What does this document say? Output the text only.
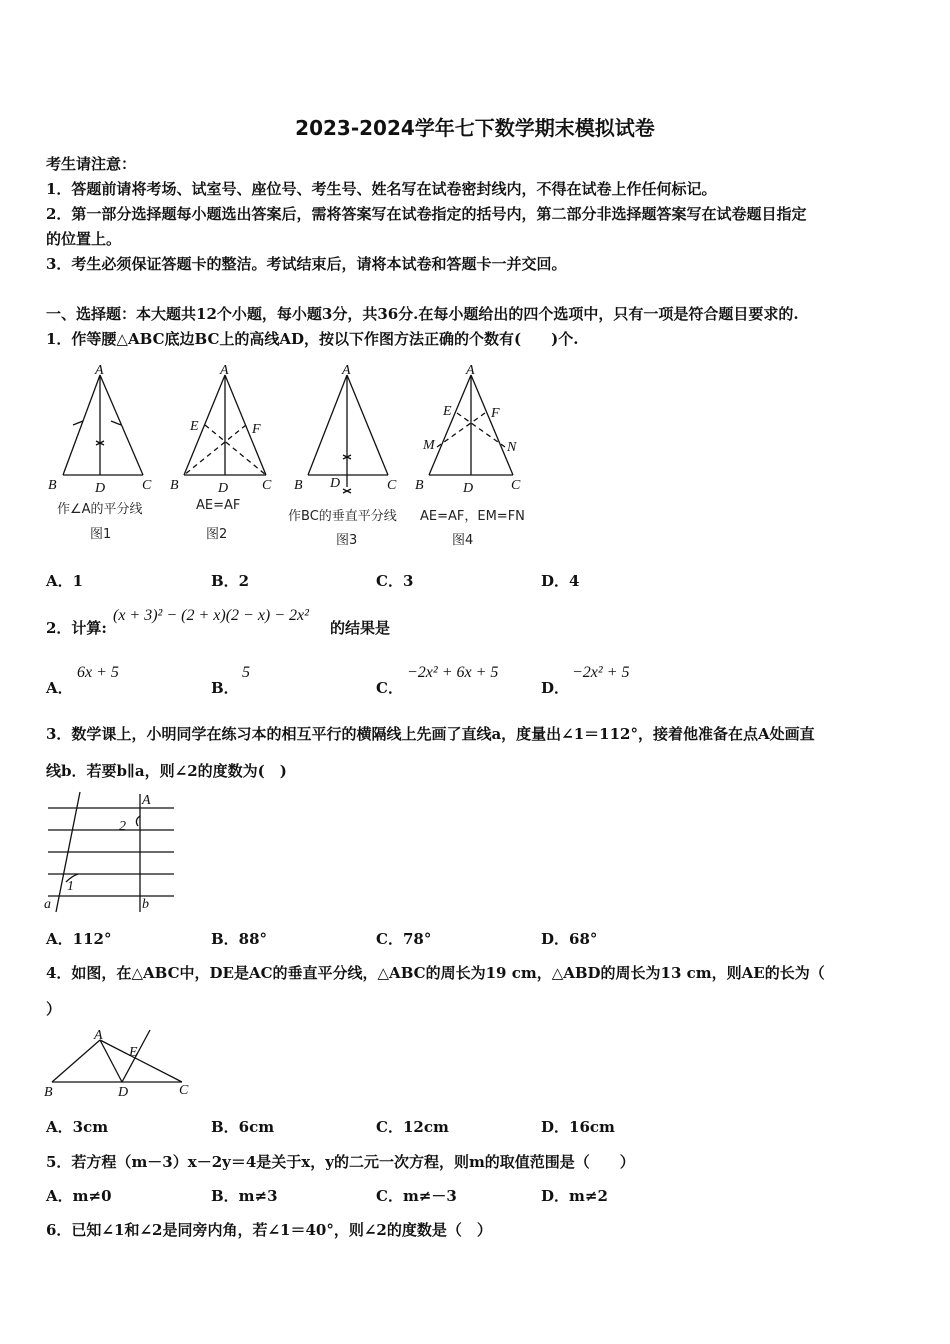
2023-2024学年七下数学期末模拟试卷
考生请注意：
1．答题前请将考场、试室号、座位号、考生号、姓名写在试卷密封线内，不得在试卷上作任何标记。
2．第一部分选择题每小题选出答案后，需将答案写在试卷指定的括号内，第二部分非选择题答案写在试卷题目指定
的位置上。
3．考生必须保证答题卡的整洁。考试结束后，请将本试卷和答题卡一并交回。
一、选择题：本大题共12个小题，每小题3分，共36分.在每小题给出的四个选项中，只有一项是符合题目要求的.
1．作等腰△ABC底边BC上的高线AD，按以下作图方法正确的个数有(　　)个.
A
B	D	C
作∠A的平分线
图1
A
E	F
B	D C
AE=AF
图2
A
B D	C
作BC的垂直平分线
图3
A
E	F
M	N
B	D	C
AE=AF，EM=FN
图4
A．1	B．2	C．3	D．4
2．计算:
(x + 3)² − (2 + x)(2 − x) − 2x²
的结果是
A．
6x + 5
B．
5
C．
−2x² + 6x + 5
D．
−2x² + 5
3．数学课上，小明同学在练习本的相互平行的横隔线上先画了直线a，度量出∠1＝112°，接着他准备在点A处画直
线b．若要b∥a，则∠2的度数为(　)
A
2
1
a	b
A．112°	B．88°	C．78°	D．68°
4．如图，在△ABC中，DE是AC的垂直平分线，△ABC的周长为19 cm，△ABD的周长为13 cm，则AE的长为（
）
A
E
B	D	C
A．3cm	B．6cm	C．12cm	D．16cm
5．若方程（m－3）x－2y＝4是关于x，y的二元一次方程，则m的取值范围是（　　）
A．m≠0	B．m≠3	C．m≠－3	D．m≠2
6．已知∠1和∠2是同旁内角，若∠1＝40°，则∠2的度数是（　）
